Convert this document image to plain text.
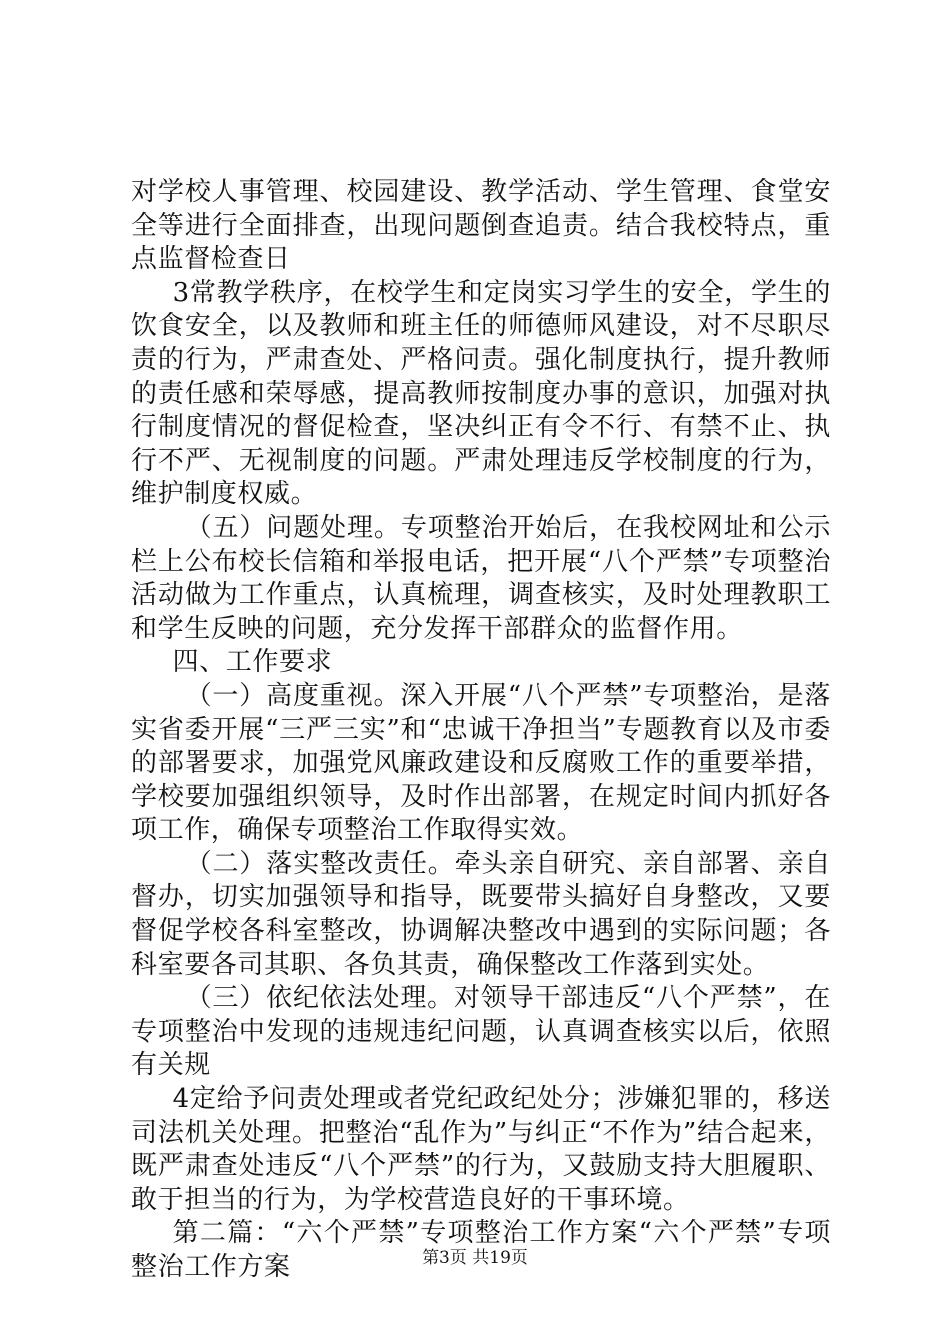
对学校人事管理、校园建设、教学活动、学生管理、食堂安全等进行全面排查，出现问题倒查追责。结合我校特点，重点监督检查日

3常教学秩序，在校学生和定岗实习学生的安全，学生的饮食安全，以及教师和班主任的师德师风建设，对不尽职尽责的行为，严肃查处、严格问责。强化制度执行，提升教师的责任感和荣辱感，提高教师按制度办事的意识，加强对执行制度情况的督促检查，坚决纠正有令不行、有禁不止、执行不严、无视制度的问题。严肃处理违反学校制度的行为，维护制度权威。

（五）问题处理。专项整治开始后，在我校网址和公示栏上公布校长信箱和举报电话，把开展“八个严禁”专项整治活动做为工作重点，认真梳理，调查核实，及时处理教职工和学生反映的问题，充分发挥干部群众的监督作用。

四、工作要求

（一）高度重视。深入开展“八个严禁”专项整治，是落实省委开展“三严三实”和“忠诚干净担当”专题教育以及市委的部署要求，加强党风廉政建设和反腐败工作的重要举措，学校要加强组织领导，及时作出部署，在规定时间内抓好各项工作，确保专项整治工作取得实效。

（二）落实整改责任。牵头亲自研究、亲自部署、亲自督办，切实加强领导和指导，既要带头搞好自身整改，又要督促学校各科室整改，协调解决整改中遇到的实际问题；各科室要各司其职、各负其责，确保整改工作落到实处。

（三）依纪依法处理。对领导干部违反“八个严禁”，在专项整治中发现的违规违纪问题，认真调查核实以后，依照有关规

4定给予问责处理或者党纪政纪处分；涉嫌犯罪的，移送司法机关处理。把整治“乱作为”与纠正“不作为”结合起来，既严肃查处违反“八个严禁”的行为，又鼓励支持大胆履职、敢于担当的行为，为学校营造良好的干事环境。

第二篇：“六个严禁”专项整治工作方案“六个严禁”专项整治工作方案	第3页 共19页
